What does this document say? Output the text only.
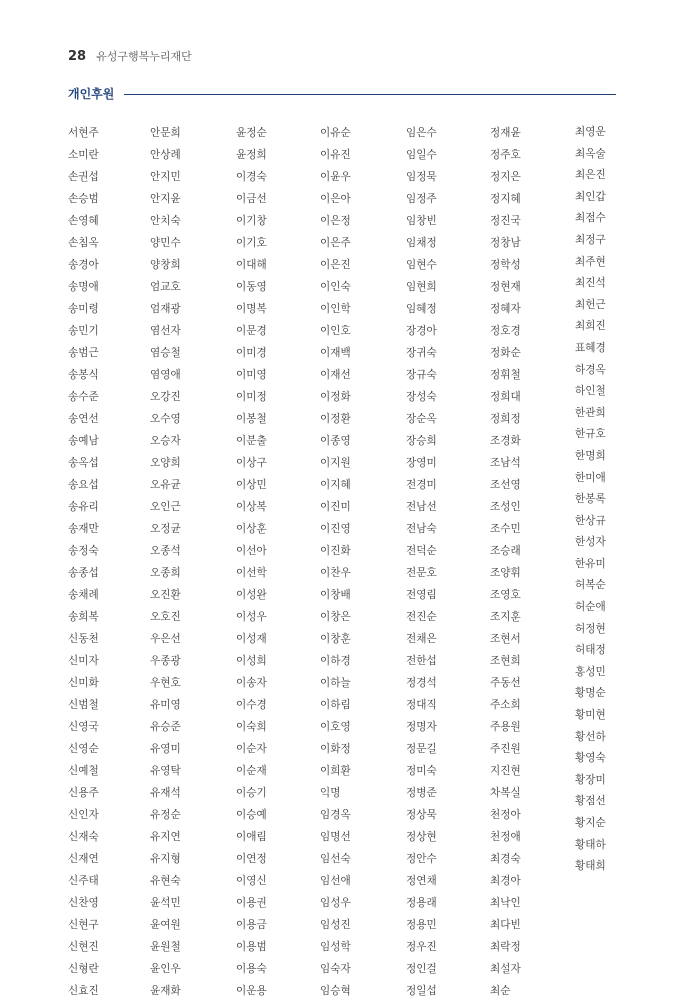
28 유성구행복누리재단
개인후원
서현주
소미란
손권섭
손승범
손영혜
손침옥
송경아
송명애
송미령
송민기
송범근
송봉식
송수준
송연선
송예남
송옥섭
송요섭
송유리
송재만
송정숙
송종섭
송채례
송희복
신동천
신미자
신미화
신범철
신영국
신영순
신예철
신용주
신인자
신재숙
신재연
신주태
신찬영
신현구
신현진
신형란
신효진
안문희
안상례
안지민
안지윤
안치숙
양민수
양창희
엄교호
엄재광
염선자
염승철
염영애
오강진
오수영
오승자
오양희
오유균
오인근
오정균
오종석
오종희
오진환
오호진
우은선
우종광
우현호
유미영
유승준
유영미
유영탁
유재석
유정순
유지연
유지형
유현숙
윤석민
윤여원
윤원철
윤인우
윤재화
윤정순
윤정희
이경숙
이금선
이기창
이기호
이대해
이동영
이명복
이문경
이미경
이미영
이미정
이봉철
이분출
이상구
이상민
이상복
이상훈
이선아
이선학
이성완
이성우
이성재
이성희
이송자
이수경
이숙희
이순자
이순재
이승기
이승예
이애림
이연정
이영신
이용권
이용금
이용범
이용숙
이운용
이유순
이유진
이윤우
이은아
이은정
이은주
이은진
이인숙
이인학
이인호
이재백
이재선
이정화
이정환
이종영
이지원
이지혜
이진미
이진영
이진화
이찬우
이창배
이창은
이창훈
이하경
이하늘
이하림
이호영
이화정
이희환
익명
임경옥
임명선
임선숙
임선애
임성우
임성진
임성학
임숙자
임승혁
임은수
임일수
임정묵
임정주
임창빈
임채정
임현수
임현희
임혜정
장경아
장귀숙
장규숙
장성숙
장순옥
장승희
장영미
전경미
전남선
전남숙
전덕순
전문호
전영림
전진순
전채은
전한섭
정경석
정대직
정명자
정문길
정미숙
정병준
정상묵
정상현
정안수
정연채
정용래
정용민
정우진
정인걸
정일섭
정재윤
정주호
정지은
정지혜
정진국
정창남
정학성
정현재
정혜자
정호경
정화순
정휘철
정희대
정희정
조경화
조남석
조선영
조성인
조수민
조승래
조양휘
조영호
조지훈
조현서
조현희
주동선
주소희
주용원
주진원
지진현
차복실
천정아
천정애
최경숙
최경아
최낙인
최다빈
최락정
최설자
최순
최영운
최옥술
최은진
최인갑
최점수
최정구
최주현
최진석
최헌근
최희진
표혜경
하경옥
하인철
한관희
한규호
한명희
한미애
한봉록
한상규
한성자
한유미
허복순
허순애
허정현
허태정
홍성민
황명순
황미현
황선하
황영숙
황장미
황점선
황지순
황태하
황태희
